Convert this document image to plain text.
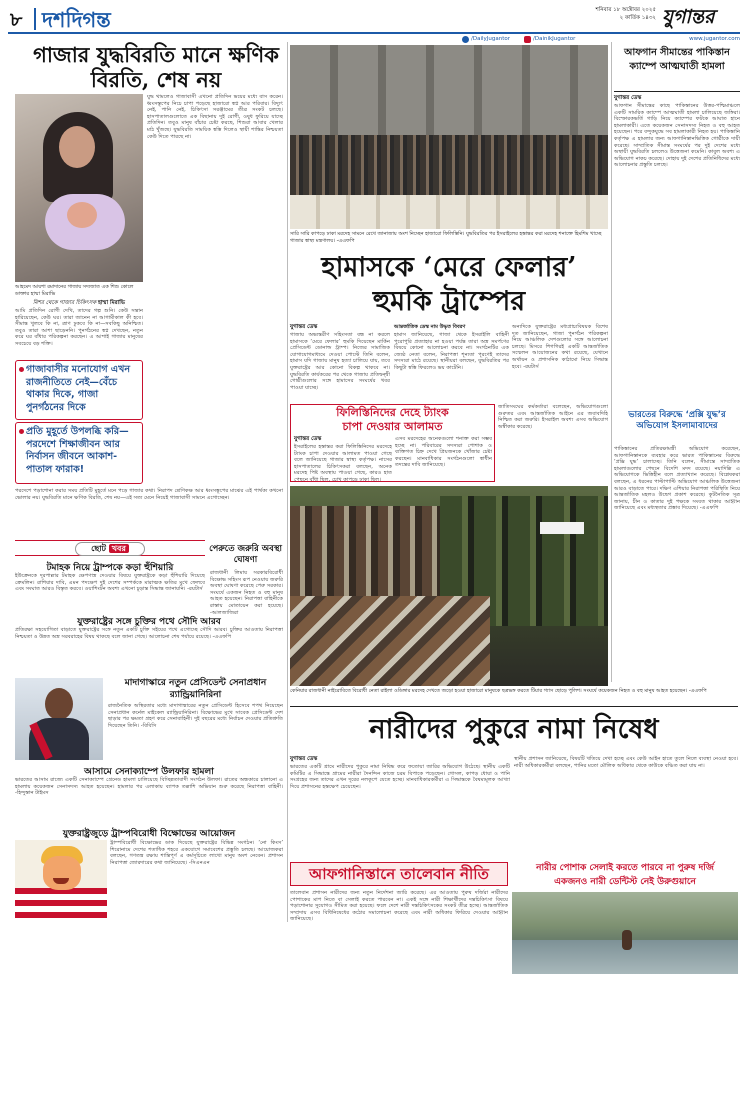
৮ দশদিগন্ত	শনিবার ১৮ অক্টোবর ২০২৫
২ কার্তিক ১৪৩২ যুগান্তর
/DailyJugantor	/DainikJugantor	www.jugantor.com
গাজার যুদ্ধবিরতি মানে ক্ষণিক বিরতি, শেষ নয়
যুদ্ধ থামলেও গাজাবাসী এখনো প্রতিদিন ভয়ের মধ্যে বাস করেন। ধ্বংসস্তূপের নিচে চাপা পড়েছে হাজারো স্বপ্ন আর পরিবার। বিদ্যুৎ নেই, পানি নেই, চিকিৎসা সরঞ্জামের তীব্র সংকট চলছে। হাসপাতালগুলোতে এক বিছানায় দুই রোগী, ওষুধ ফুরিয়ে যাচ্ছে প্রতিদিন। তবুও মানুষ বাঁচার চেষ্টা করছে, শিশুরা আবার খেলার মাঠ খুঁজছে। যুদ্ধবিরতি সাময়িক স্বস্তি দিলেও স্থায়ী শান্তির নিশ্চয়তা কেউ দিতে পারছে না।
আহমেদ আয়শা রমাদানের গাজায় সদ্যজাত এক শিশু কোলে ডাক্তার হাম্মা মিরাভি
মিশর থেকে গাজার চিকিৎসক হাম্মা মিরাভি
আমি প্রতিদিন রোগী দেখি, তাদের গল্প শুনি। কেউ সন্তান হারিয়েছেন, কেউ ঘর। তারা জানেন না আগামীকাল কী হবে। সীমান্ত খুলবে কি না, ত্রাণ ঢুকবে কি না—সবকিছু অনিশ্চিত। তবুও তারা আশা ছাড়েননি। পুনর্গঠনের স্বপ্ন দেখছেন, নতুন করে ঘর বাঁধার পরিকল্পনা করছেন। এ আশাই গাজার মানুষের সবচেয়ে বড় শক্তি।
গাজাবাসীর মনোযোগ এখন রাজনীতিতে নেই—বেঁচে থাকার দিকে, গাজা পুনর্গঠনের দিকে
প্রতি মুহূর্তে উপলব্ধি করি—পরদেশে শিক্ষাজীবন আর নির্বাসন জীবনে আকাশ-পাতাল ফারাক!
পরদেশে পড়াশোনা করার সময় প্রতিটি মুহূর্তে মনে পড়ে গাজার কথা। নিরাপদ শ্রেণিকক্ষ আর ধ্বংসস্তূপের মাঝের এই পার্থক্য কখনো ভোলার নয়। যুদ্ধবিরতি মানে ক্ষণিক বিরতি, শেষ নয়—এই সত্য মেনে নিয়েই গাজাবাসী সামনে এগোচ্ছেন।
ছোট খবর
টমাহক নিয়ে ট্রাম্পকে কড়া হুঁশিয়ারি
ইউক্রেনকে দূরপাল্লার টমাহক ক্ষেপণাস্ত্র দেওয়ার বিষয়ে যুক্তরাষ্ট্রকে কড়া হুঁশিয়ারি দিয়েছে ক্রেমলিন। রাশিয়ার দাবি, এমন পদক্ষেপ দুই দেশের সম্পর্ককে মারাত্মক ক্ষতির মুখে ফেলবে এবং সংঘাত আরও বিস্তৃত করবে। ওয়াশিংটন অবশ্য এখনো চূড়ান্ত সিদ্ধান্ত জানায়নি। -রয়টার্স
যুক্তরাষ্ট্রের সঙ্গে চুক্তির পথে সৌদি আরব
প্রতিরক্ষা সহযোগিতা বাড়াতে যুক্তরাষ্ট্রের সঙ্গে নতুন একটি চুক্তি সইয়ের পথে এগোচ্ছে সৌদি আরব। চুক্তির আওতায় নিরাপত্তা নিশ্চয়তা ও উন্নত অস্ত্র সরবরাহের বিষয় থাকছে বলে জানা গেছে। আলোচনা শেষ পর্যায়ে রয়েছে। -এএফপি
পেরুতে জরুরি অবস্থা ঘোষণা
রাজধানী লিমায় সরকারবিরোধী বিক্ষোভ সহিংস রূপ নেওয়ায় জরুরি অবস্থা ঘোষণা করেছে পেরু সরকার। সংঘর্ষে একজন নিহত ও বহু মানুষ আহত হয়েছেন। নিরাপত্তা বাহিনীকে রাস্তায় মোতায়েন করা হয়েছে। -আলজাজিরা
মাদাগাস্কারে নতুন প্রেসিডেন্ট সেনাপ্রধান র‌্যান্ড্রিয়ানিরিনা
রাজনৈতিক অস্থিরতার মধ্যে মাদাগাস্কারের নতুন প্রেসিডেন্ট হিসেবে শপথ নিয়েছেন সেনাপ্রধান কর্নেল মাইকেল র‌্যান্ড্রিয়ানিরিনা। বিক্ষোভের মুখে সাবেক প্রেসিডেন্ট দেশ ছাড়ার পর ক্ষমতা গ্রহণ করে সেনাবাহিনী। দুই বছরের মধ্যে নির্বাচন দেওয়ার প্রতিশ্রুতি দিয়েছেন তিনি। -বিবিসি
আসামে সেনাক্যাম্পে উলফার হামলা
ভারতের আসাম রাজ্যে একটি সেনাক্যাম্পে গ্রেনেড হামলা চালিয়েছে বিচ্ছিন্নতাবাদী সংগঠন উলফা। রাতের অন্ধকারে চালানো এ হামলায় কয়েকজন সেনাসদস্য আহত হয়েছেন। হামলার পর এলাকায় ব্যাপক তল্লাশি অভিযান শুরু করেছে নিরাপত্তা বাহিনী। -হিন্দুস্তান টাইমস
যুক্তরাষ্ট্রজুড়ে ট্রাম্পবিরোধী বিক্ষোভের আয়োজন
ট্রাম্পবিরোধী বিক্ষোভের ডাক দিয়েছে যুক্তরাষ্ট্রের বিভিন্ন সংগঠন। ‘নো কিংস’ শিরোনামে দেশের শতাধিক শহরে একযোগে সমাবেশের প্রস্তুতি চলছে। আয়োজকরা বলছেন, গণতন্ত্র রক্ষায় শান্তিপূর্ণ এ কর্মসূচিতে লাখো মানুষ অংশ নেবেন। প্রশাসন নিরাপত্তা জোরদারের কথা জানিয়েছে। -সিএনএন
সারি সারি কাপড়ে ঢাকা মরদেহ সামনে রেখে জানাজায় অংশ নিচ্ছেন হাজারো ফিলিস্তিনি। যুদ্ধবিরতির পর ইসরাইলের হস্তান্তর করা মরদেহ শনাক্তে হিমশিম খাচ্ছে গাজার স্বাস্থ্য মন্ত্রণালয়। -এএফপি
হামাসকে ‘মেরে ফেলার’
হুমকি ট্রাম্পের
যুগান্তর ডেস্ক
গাজায় অভ্যন্তরীণ সহিংসতা বন্ধ না করলে হামাসকে ‘মেরে ফেলার’ হুমকি দিয়েছেন মার্কিন প্রেসিডেন্ট ডোনাল্ড ট্রাম্প। নিজের সামাজিক যোগাযোগমাধ্যমে দেওয়া পোস্টে তিনি বলেন, হামাস যদি গাজায় মানুষ হত্যা চালিয়ে যায়, তবে যুক্তরাষ্ট্রের আর কোনো বিকল্প থাকবে না। যুদ্ধবিরতি কার্যকরের পর থেকে গাজায় প্রতিদ্বন্দ্বী গোষ্ঠীগুলোর সঙ্গে হামাসের সংঘর্ষের খবর পাওয়া যাচ্ছে।
আন্তর্জাতিক ডেস্ক নাম উদ্ধৃত বিবরণ
হামাস জানিয়েছে, গাজা থেকে ইসরাইলি বাহিনী পুরোপুরি প্রত্যাহার না হওয়া পর্যন্ত তারা অস্ত্র সমর্পণের বিষয়ে কোনো আলোচনা করবে না। সংগঠনটির এক জ্যেষ্ঠ নেতা বলেন, নিরাপত্তা শূন্যতা পূরণেই তাদের সদস্যরা মাঠে রয়েছে। স্থানীয়রা বলছেন, যুদ্ধবিরতির পর কিছুটা স্বস্তি ফিরলেও ভয় কাটেনি।
অন্যদিকে যুক্তরাষ্ট্রের মধ্যপ্রাচ্যবিষয়ক বিশেষ দূত জানিয়েছেন, গাজা পুনর্গঠন পরিকল্পনা নিয়ে আঞ্চলিক দেশগুলোর সঙ্গে আলোচনা চলছে। মিসরে শিগগিরই একটি আন্তর্জাতিক সম্মেলন আয়োজনের কথা রয়েছে, যেখানে অর্থায়ন ও প্রশাসনিক কাঠামো নিয়ে সিদ্ধান্ত হবে। -রয়টার্স
ফিলিস্তিনিদের দেহে ট্যাংক
চাপা দেওয়ার আলামত
যুগান্তর ডেস্ক
ইসরাইলের হস্তান্তর করা ফিলিস্তিনিদের মরদেহে ট্যাংক চাপা দেওয়ার আলামত পাওয়া গেছে বলে জানিয়েছে গাজার স্বাস্থ্য কর্তৃপক্ষ। নাসের হাসপাতালের চিকিৎসকরা বলছেন, অনেক মরদেহ পিষ্ট অবস্থায় পাওয়া গেছে, কারও হাত পেছনে বাঁধা ছিল, চোখ কাপড়ে ঢাকা ছিল।
এসব মরদেহের অনেকগুলো শনাক্ত করা সম্ভব হচ্ছে না। পরিবারের সদস্যরা পোশাক ও ব্যক্তিগত চিহ্ন দেখে প্রিয়জনকে খোঁজার চেষ্টা করছেন। মানবাধিকার সংগঠনগুলো স্বাধীন তদন্তের দাবি জানিয়েছে।
জাতিসংঘের কর্মকর্তারা বলেছেন, অভিযোগগুলো গুরুতর এবং আন্তর্জাতিক আইনে এর জবাবদিহি নিশ্চিত করা জরুরি। ইসরাইল অবশ্য এসব অভিযোগ অস্বীকার করেছে।
কেনিয়ার রাজধানী নাইরোবিতে বিরোধী নেতা রাইলা ওডিঙ্গার মরদেহ দেখতে জড়ো হওয়া হাজারো মানুষকে ছত্রভঙ্গ করতে টিয়ার গ্যাস ছোড়ে পুলিশ। সংঘর্ষে কয়েকজন নিহত ও বহু মানুষ আহত হয়েছেন। -এএফপি
নারীদের পুকুরে নামা নিষেধ
যুগান্তর ডেস্ক
ভারতের একটি গ্রামে নারীদের পুকুরে নামা নিষিদ্ধ করে ফতোয়া জারির অভিযোগ উঠেছে। স্থানীয় একটি কমিটির এ সিদ্ধান্তে গ্রামের নারীরা দৈনন্দিন কাজে চরম বিপাকে পড়েছেন। গোসল, কাপড় ধোয়া ও পানি সংগ্রহের জন্য তাদের এখন দূরের নলকূপে যেতে হচ্ছে। মানবাধিকারকর্মীরা এ সিদ্ধান্তকে বৈষম্যমূলক আখ্যা দিয়ে প্রশাসনের হস্তক্ষেপ চেয়েছেন।
স্থানীয় প্রশাসন জানিয়েছে, বিষয়টি খতিয়ে দেখা হচ্ছে এবং কেউ আইন হাতে তুলে নিলে ব্যবস্থা নেওয়া হবে। নারী অধিকারকর্মীরা বলছেন, পানির মতো মৌলিক অধিকার থেকে কাউকে বঞ্চিত করা যায় না।
নারীর পোশাক সেলাই করতে পারবে না পুরুষ দর্জি
একজনও নারী ডেন্টিস্ট নেই উরুগুয়ানে
আফগানিস্তানে তালেবান নীতি
তালেবান প্রশাসন নারীদের জন্য নতুন নির্দেশনা জারি করেছে। এর আওতায় পুরুষ দর্জিরা নারীদের পোশাকের মাপ নিতে বা সেলাই করতে পারবেন না। একই সঙ্গে নারী শিক্ষার্থীদের দন্তচিকিৎসা বিষয়ে পড়াশোনার সুযোগও সীমিত করা হয়েছে। ফলে দেশে নারী দন্তচিকিৎসকের সংকট তীব্র হচ্ছে। আন্তর্জাতিক সম্প্রদায় এসব বিধিনিষেধের কঠোর সমালোচনা করেছে এবং নারী অধিকার ফিরিয়ে দেওয়ার আহ্বান জানিয়েছে।
আফগান সীমান্তের পাকিস্তান ক্যাম্পে আত্মঘাতী হামলা
যুগান্তর ডেস্ক
আফগান সীমান্তের কাছে পাকিস্তানের উত্তর-পশ্চিমাঞ্চলে একটি সামরিক ক্যাম্পে আত্মঘাতী হামলা চালিয়েছে জঙ্গিরা। বিস্ফোরকভর্তি গাড়ি নিয়ে ক্যাম্পের ফটকে আঘাত হানে হামলাকারী। এতে কয়েকজন সেনাসদস্য নিহত ও বহু আহত হয়েছেন। পরে বন্দুকযুদ্ধে সব হামলাকারী নিহত হয়। পাকিস্তানি কর্তৃপক্ষ এ হামলার জন্য আফগানিস্তানভিত্তিক গোষ্ঠীকে দায়ী করেছে। সাম্প্রতিক সীমান্ত সংঘর্ষের পর দুই দেশের মধ্যে অস্থায়ী যুদ্ধবিরতি চললেও উত্তেজনা কমেনি। কাবুল অবশ্য এ অভিযোগ নাকচ করেছে। দোহায় দুই দেশের প্রতিনিধিদের মধ্যে আলোচনার প্রস্তুতি চলছে।
ভারতের বিরুদ্ধে ‘প্রক্সি যুদ্ধ’র অভিযোগ ইসলামাবাদের
পাকিস্তানের প্রতিরক্ষামন্ত্রী অভিযোগ করেছেন, আফগানিস্তানকে ব্যবহার করে ভারত পাকিস্তানের বিরুদ্ধে ‘প্রক্সি যুদ্ধ’ চালাচ্ছে। তিনি বলেন, সীমান্তে সাম্প্রতিক হামলাগুলোর পেছনে বিদেশি মদদ রয়েছে। নয়াদিল্লি এ অভিযোগকে ভিত্তিহীন বলে প্রত্যাখ্যান করেছে। বিশ্লেষকরা বলছেন, এ ধরনের পাল্টাপাল্টি অভিযোগ আঞ্চলিক উত্তেজনা আরও বাড়াতে পারে। দক্ষিণ এশিয়ার নিরাপত্তা পরিস্থিতি নিয়ে আন্তর্জাতিক মহলও উদ্বেগ প্রকাশ করেছে। কূটনৈতিক সূত্র জানায়, চীন ও কাতার দুই পক্ষকে সংযত থাকার আহ্বান জানিয়েছে এবং মধ্যস্থতার প্রস্তাব দিয়েছে। -এএফপি
